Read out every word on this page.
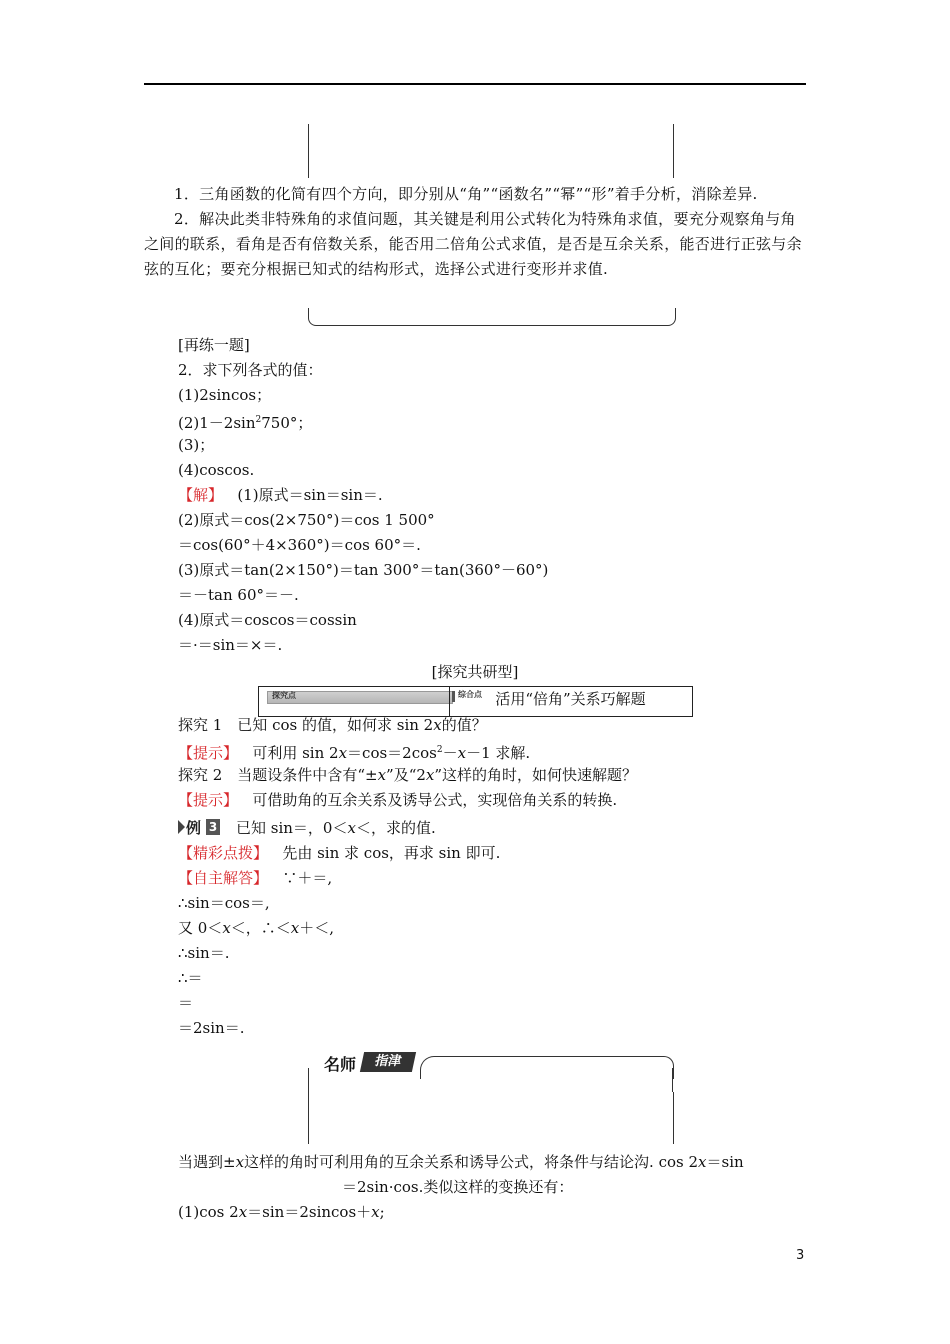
1．三角函数的化简有四个方向，即分别从“角”“函数名”“幂”“形”着手分析，消除差异.

2．解决此类非特殊角的求值问题，其关键是利用公式转化为特殊角求值，要充分观察角与角之间的联系，看角是否有倍数关系，能否用二倍角公式求值，是否是互余关系，能否进行正弦与余弦的互化；要充分根据已知式的结构形式，选择公式进行变形并求值.

[再练一题]
2．求下列各式的值：
(1)2sincos；
$(2)1-2\sin^2750^\circ$；
(3)；
(4)coscos.
【解】 (1)原式＝sin＝sin＝.
(2)原式＝cos(2×750°)＝cos 1 500°
＝cos(60°＋4×360°)＝cos 60°＝.
(3)原式＝tan(2×150°)＝tan 300°＝tan(360°－60°)
＝－tan 60°＝－.
(4)原式＝coscos＝cossin
＝·＝sin＝×＝.
[探究共研型]
探究点	综合点 活用“倍角”关系巧解题
探究 1　已知 cos 的值，如何求 sin 2x的值？
【提示】 可利用 $\sin 2x=\cos=2\cos^2-x-1$ 求解.
探究 2　当题设条件中含有“±x”及“2x”这样的角时，如何快速解题？
【提示】 可借助角的互余关系及诱导公式，实现倍角关系的转换.
例 3 已知 sin＝，0＜x＜，求的值.
【精彩点拨】 先由 sin 求 cos，再求 sin 即可.
【自主解答】 ∵＋＝,
∴sin＝cos＝,
又 0＜x＜，∴＜x＋＜,
∴sin＝.
∴＝
＝
＝2sin＝.
名师	指津
当遇到±x这样的角时可利用角的互余关系和诱导公式，将条件与结论沟. cos 2x＝sin
＝2sin·cos.类似这样的变换还有：
(1)cos 2x＝sin＝2sincos＋x;
3
